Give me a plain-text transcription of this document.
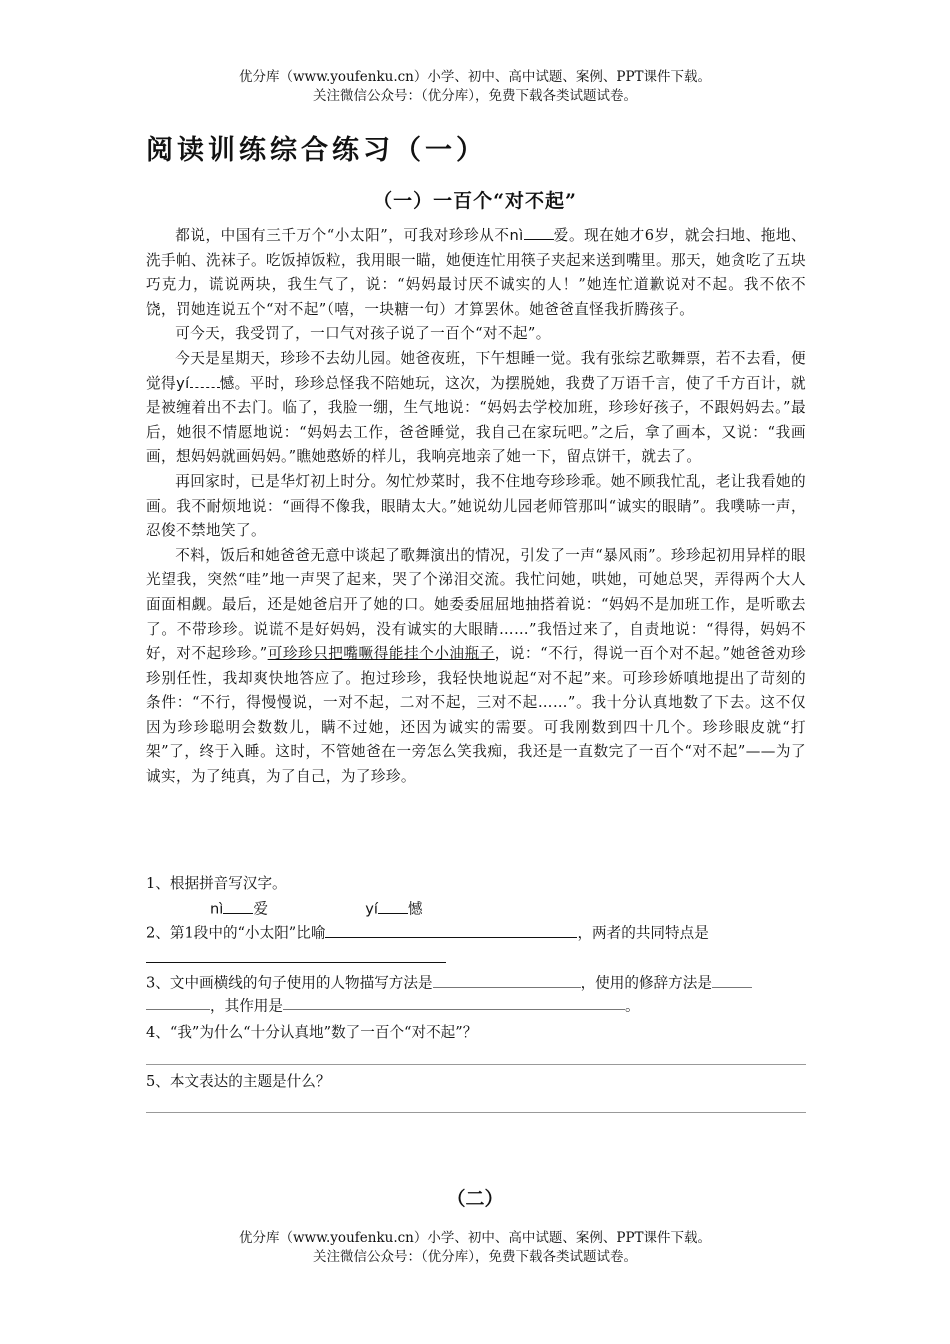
优分库（www.youfenku.cn）小学、初中、高中试题、案例、PPT课件下载。
关注微信公众号：（优分库），免费下载各类试题试卷。
阅读训练综合练习（一）
（一）一百个“对不起”

都说，中国有三千万个“小太阳”，可我对珍珍从不nì 爱。现在她才6岁，就会扫地、拖地、洗手帕、洗袜子。吃饭掉饭粒，我用眼一瞄，她便连忙用筷子夹起来送到嘴里。那天，她贪吃了五块巧克力，谎说两块，我生气了，说：“妈妈最讨厌不诚实的人！”她连忙道歉说对不起。我不依不饶，罚她连说五个“对不起”（嘻，一块糖一句）才算罢休。她爸爸直怪我折腾孩子。

可今天，我受罚了，一口气对孩子说了一百个“对不起”。

今天是星期天，珍珍不去幼儿园。她爸夜班，下午想睡一觉。我有张综艺歌舞票，若不去看，便觉得yí 憾。平时，珍珍总怪我不陪她玩，这次，为摆脱她，我费了万语千言，使了千方百计，就是被缠着出不去门。临了，我脸一绷，生气地说：“妈妈去学校加班，珍珍好孩子，不跟妈妈去。”最后，她很不情愿地说：“妈妈去工作，爸爸睡觉，我自己在家玩吧。”之后，拿了画本，又说：“我画画，想妈妈就画妈妈。”瞧她憨娇的样儿，我响亮地亲了她一下，留点饼干，就去了。

再回家时，已是华灯初上时分。匆忙炒菜时，我不住地夸珍珍乖。她不顾我忙乱，老让我看她的画。我不耐烦地说：“画得不像我，眼睛太大。”她说幼儿园老师管那叫“诚实的眼睛”。我噗哧一声，忍俊不禁地笑了。

不料，饭后和她爸爸无意中谈起了歌舞演出的情况，引发了一声“暴风雨”。珍珍起初用异样的眼光望我，突然“哇”地一声哭了起来，哭了个涕泪交流。我忙问她，哄她，可她总哭，弄得两个大人面面相觑。最后，还是她爸启开了她的口。她委委屈屈地抽搭着说：“妈妈不是加班工作，是听歌去了。不带珍珍。说谎不是好妈妈，没有诚实的大眼睛……”我悟过来了，自责地说：“得得，妈妈不好，对不起珍珍。”可珍珍只把嘴噘得能挂个小油瓶子，说：“不行，得说一百个对不起。”她爸爸劝珍珍别任性，我却爽快地答应了。抱过珍珍，我轻快地说起“对不起”来。可珍珍娇嗔地提出了苛刻的条件：“不行，得慢慢说，一对不起，二对不起，三对不起……”。我十分认真地数了下去。这不仅因为珍珍聪明会数数儿，瞒不过她，还因为诚实的需要。可我刚数到四十几个。珍珍眼皮就“打架”了，终于入睡。这时，不管她爸在一旁怎么笑我痴，我还是一直数完了一百个“对不起”——为了诚实，为了纯真，为了自己，为了珍珍。

1、根据拼音写汉字。
nì 爱	yí 憾
2、第1段中的“小太阳”比喻	，两者的共同特点是
3、文中画横线的句子使用的人物描写方法是	，使用的修辞方法是
，其作用是	。
4、“我”为什么“十分认真地”数了一百个“对不起”？
5、本文表达的主题是什么？
（二）
优分库（www.youfenku.cn）小学、初中、高中试题、案例、PPT课件下载。
关注微信公众号：（优分库），免费下载各类试题试卷。
